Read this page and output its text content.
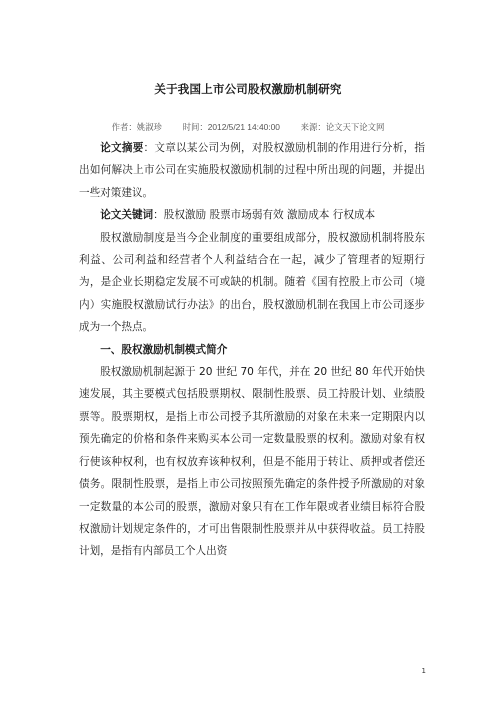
关于我国上市公司股权激励机制研究
作者：姚淑珍 时间：2012/5/21 14:40:00 来源：论文天下论文网

论文摘要：文章以某公司为例，对股权激励机制的作用进行分析，指出如何解决上市公司在实施股权激励机制的过程中所出现的问题，并提出一些对策建议。

论文关键词：股权激励 股票市场弱有效 激励成本 行权成本

股权激励制度是当今企业制度的重要组成部分，股权激励机制将股东利益、公司利益和经营者个人利益结合在一起，减少了管理者的短期行为，是企业长期稳定发展不可或缺的机制。随着《国有控股上市公司（境内）实施股权激励试行办法》的出台，股权激励机制在我国上市公司逐步成为一个热点。

一、股权激励机制模式简介

股权激励机制起源于 20 世纪 70 年代，并在 20 世纪 80 年代开始快速发展，其主要模式包括股票期权、限制性股票、员工持股计划、业绩股票等。股票期权，是指上市公司授予其所激励的对象在未来一定期限内以预先确定的价格和条件来购买本公司一定数量股票的权利。激励对象有权行使该种权利，也有权放弃该种权利，但是不能用于转让、质押或者偿还债务。限制性股票，是指上市公司按照预先确定的条件授予所激励的对象一定数量的本公司的股票，激励对象只有在工作年限或者业绩目标符合股权激励计划规定条件的，才可出售限制性股票并从中获得收益。员工持股计划，是指有内部员工个人出资

1
